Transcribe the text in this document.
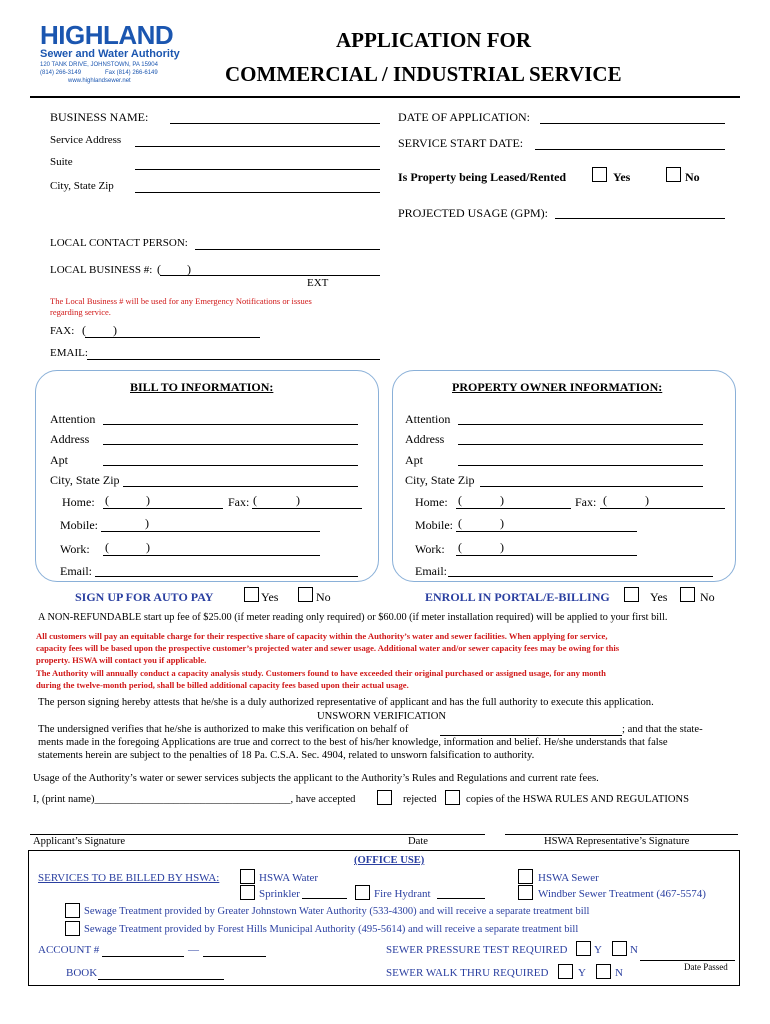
HIGHLAND
Sewer and Water Authority
120 TANK DRIVE, JOHNSTOWN, PA 15904
(814) 266-3149	Fax (814) 266-6149
www.highlandsewer.net
APPLICATION FOR
COMMERCIAL / INDUSTRIAL SERVICE
BUSINESS NAME:
Service Address
Suite
City, State Zip
DATE OF APPLICATION:
SERVICE START DATE:
Is Property being Leased/Rented	Yes	No
PROJECTED USAGE (GPM):
LOCAL CONTACT PERSON:
LOCAL BUSINESS #: ( )
EXT
The Local Business # will be used for any Emergency Notifications or issues
regarding service.
FAX: ( )
EMAIL:
BILL TO INFORMATION:
Attention
Address
Apt
City, State Zip
Home: (	)	Fax: (	)
Mobile:	)
Work: (	)
Email:
PROPERTY OWNER INFORMATION:
Attention
Address
Apt
City, State Zip
Home: (	)	Fax: (	)
Mobile: (	)
Work: (	)
Email:
SIGN UP FOR AUTO PAY	Yes	No	ENROLL IN PORTAL/E-BILLING	Yes	No
A NON-REFUNDABLE start up fee of $25.00 (if meter reading only required) or $60.00 (if meter installation required) will be applied to your first bill.
All customers will pay an equitable charge for their respective share of capacity within the Authority’s water and sewer facilities. When applying for service,
capacity fees will be based upon the prospective customer’s projected water and sewer usage. Additional water and/or sewer capacity fees may be owing for this
property. HSWA will contact you if applicable.
The Authority will annually conduct a capacity analysis study. Customers found to have exceeded their original purchased or assigned usage, for any month
during the twelve-month period, shall be billed additional capacity fees based upon their actual usage.
The person signing hereby attests that he/she is a duly authorized representative of applicant and has the full authority to execute this application.
UNSWORN VERIFICATION
The undersigned verifies that he/she is authorized to make this verification on behalf of	; and that the state-
ments made in the foregoing Applications are true and correct to the best of his/her knowledge, information and belief. He/she understands that false
statements herein are subject to the penalties of 18 Pa. C.S.A. Sec. 4904, related to unsworn falsification to authority.
Usage of the Authority’s water or sewer services subjects the applicant to the Authority’s Rules and Regulations and current rate fees.
I, (print name)_____________________________________, have accepted	rejected	copies of the HSWA RULES AND REGULATIONS
Applicant’s Signature	Date	HSWA Representative’s Signature
(OFFICE USE)
SERVICES TO BE BILLED BY HSWA:	HSWA Water
Sprinkler	Fire Hydrant
HSWA Sewer
Windber Sewer Treatment (467-5574)
Sewage Treatment provided by Greater Johnstown Water Authority (533-4300) and will receive a separate treatment bill
Sewage Treatment provided by Forest Hills Municipal Authority (495-5614) and will receive a separate treatment bill
ACCOUNT #	—
BOOK
SEWER PRESSURE TEST REQUIRED Y	N
SEWER WALK THRU REQUIRED	Y	N	Date Passed
